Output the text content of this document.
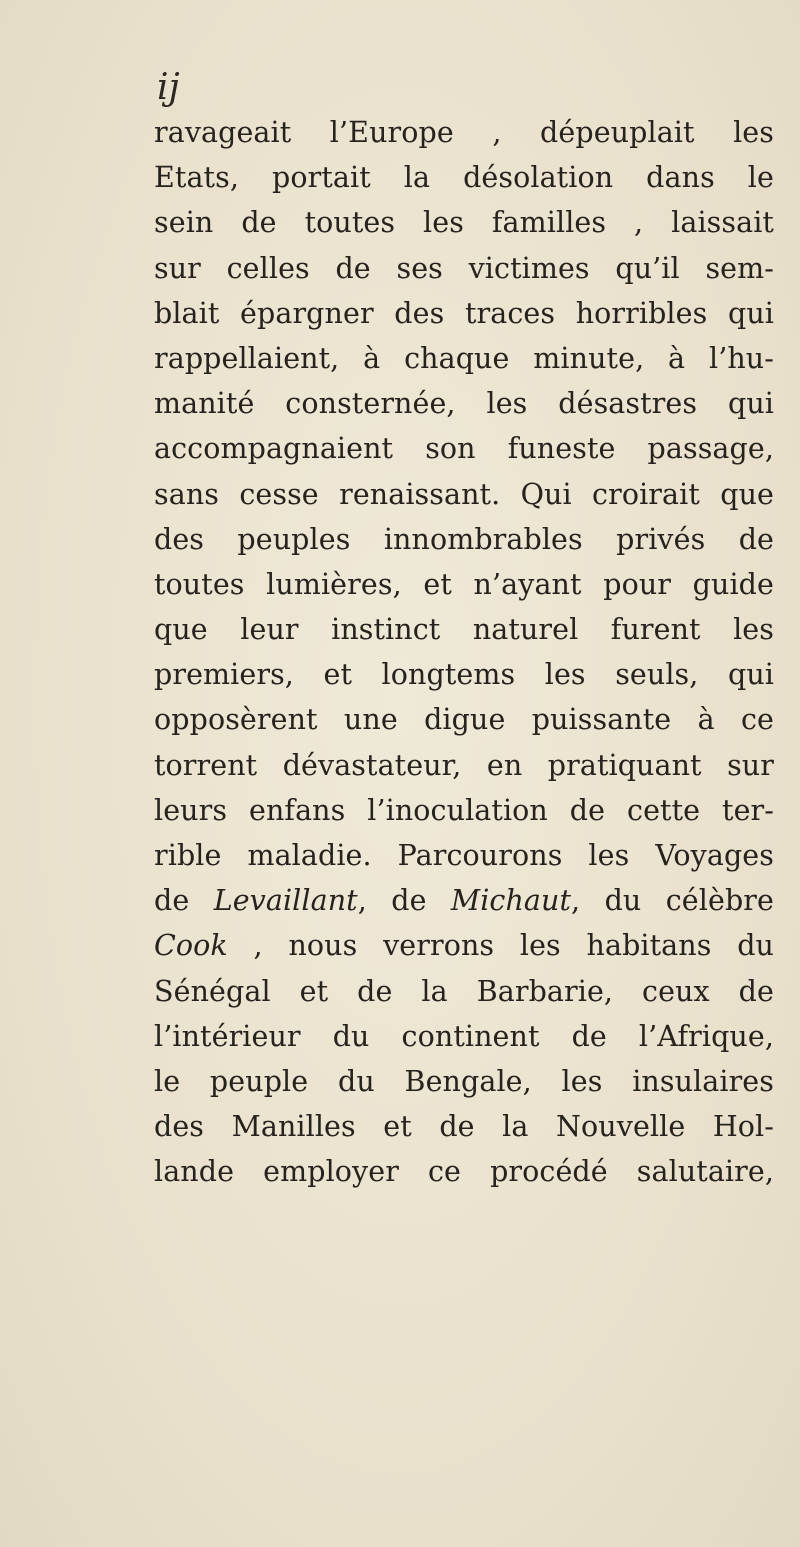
ij
ravageait l’Europe , dépeuplait les
Etats, portait la désolation dans le
sein de toutes les familles , laissait
sur celles de ses victimes qu’il sem-
blait épargner des traces horribles qui
rappellaient, à chaque minute, à l’hu-
manité consternée, les désastres qui
accompagnaient son funeste passage,
sans cesse renaissant. Qui croirait que
des peuples innombrables privés de
toutes lumières, et n’ayant pour guide
que leur instinct naturel furent les
premiers, et longtems les seuls, qui
opposèrent une digue puissante à ce
torrent dévastateur, en pratiquant sur
leurs enfans l’inoculation de cette ter-
rible maladie. Parcourons les Voyages
de Levaillant, de Michaut, du célèbre
Cook , nous verrons les habitans du
Sénégal et de la Barbarie, ceux de
l’intérieur du continent de l’Afrique,
le peuple du Bengale, les insulaires
des Manilles et de la Nouvelle Hol-
lande employer ce procédé salutaire,
